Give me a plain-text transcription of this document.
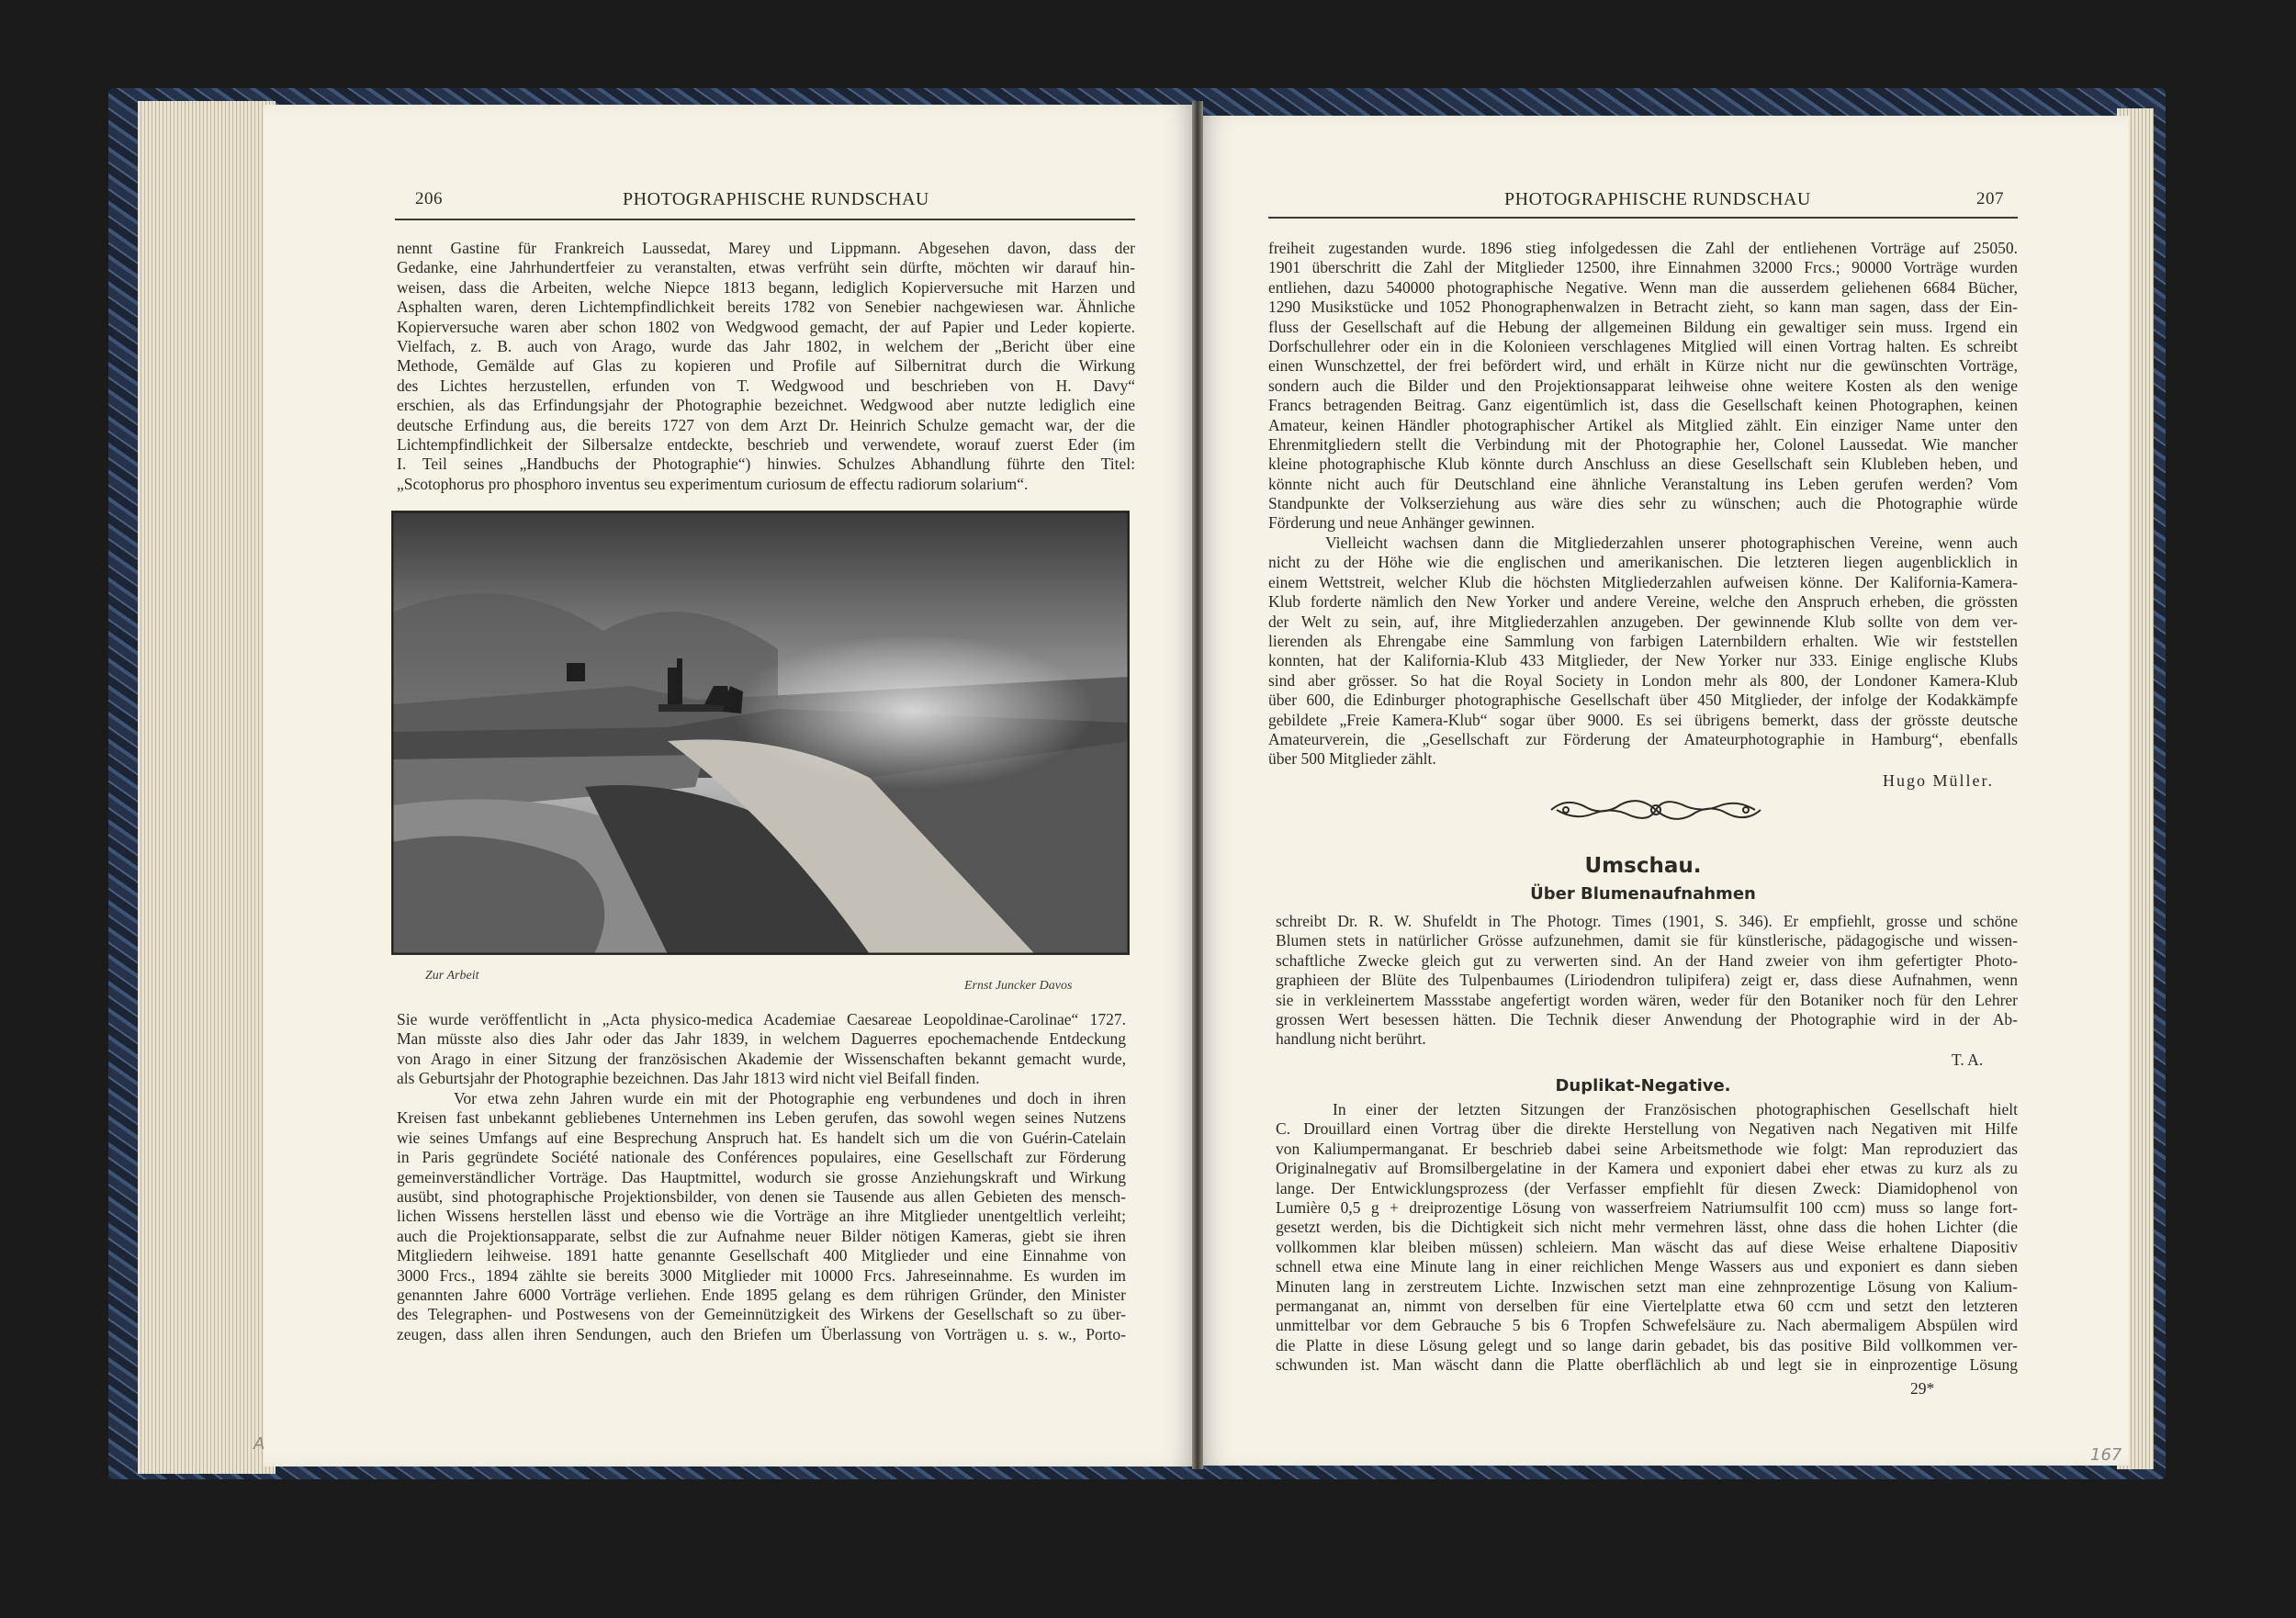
206	PHOTOGRAPHISCHE RUNDSCHAU
nennt Gastine für Frankreich Laussedat, Marey und Lippmann. Abgesehen davon, dass der
Gedanke, eine Jahrhundertfeier zu veranstalten, etwas verfrüht sein dürfte, möchten wir darauf hin-
weisen, dass die Arbeiten, welche Niepce 1813 begann, lediglich Kopierversuche mit Harzen und
Asphalten waren, deren Lichtempfindlichkeit bereits 1782 von Senebier nachgewiesen war. Ähnliche
Kopierversuche waren aber schon 1802 von Wedgwood gemacht, der auf Papier und Leder kopierte.
Vielfach, z. B. auch von Arago, wurde das Jahr 1802, in welchem der „Bericht über eine
Methode, Gemälde auf Glas zu kopieren und Profile auf Silbernitrat durch die Wirkung
des Lichtes herzustellen, erfunden von T. Wedgwood und beschrieben von H. Davy“
erschien, als das Erfindungsjahr der Photographie bezeichnet. Wedgwood aber nutzte lediglich eine
deutsche Erfindung aus, die bereits 1727 von dem Arzt Dr. Heinrich Schulze gemacht war, der die
Lichtempfindlichkeit der Silbersalze entdeckte, beschrieb und verwendete, worauf zuerst Eder (im
I. Teil seines „Handbuchs der Photographie“) hinwies. Schulzes Abhandlung führte den Titel:
„Scotophorus pro phosphoro inventus seu experimentum curiosum de effectu radiorum solarium“.
Zur Arbeit
Ernst Juncker Davos
Sie wurde veröffentlicht in „Acta physico-medica Academiae Caesareae Leopoldinae-Carolinae“ 1727.
Man müsste also dies Jahr oder das Jahr 1839, in welchem Daguerres epochemachende Entdeckung
von Arago in einer Sitzung der französischen Akademie der Wissenschaften bekannt gemacht wurde,
als Geburtsjahr der Photographie bezeichnen. Das Jahr 1813 wird nicht viel Beifall finden.
Vor etwa zehn Jahren wurde ein mit der Photographie eng verbundenes und doch in ihren
Kreisen fast unbekannt gebliebenes Unternehmen ins Leben gerufen, das sowohl wegen seines Nutzens
wie seines Umfangs auf eine Besprechung Anspruch hat. Es handelt sich um die von Guérin-Catelain
in Paris gegründete Société nationale des Conférences populaires, eine Gesellschaft zur Förderung
gemeinverständlicher Vorträge. Das Hauptmittel, wodurch sie grosse Anziehungskraft und Wirkung
ausübt, sind photographische Projektionsbilder, von denen sie Tausende aus allen Gebieten des mensch-
lichen Wissens herstellen lässt und ebenso wie die Vorträge an ihre Mitglieder unentgeltlich verleiht;
auch die Projektionsapparate, selbst die zur Aufnahme neuer Bilder nötigen Kameras, giebt sie ihren
Mitgliedern leihweise. 1891 hatte genannte Gesellschaft 400 Mitglieder und eine Einnahme von
3000 Frcs., 1894 zählte sie bereits 3000 Mitglieder mit 10000 Frcs. Jahreseinnahme. Es wurden im
genannten Jahre 6000 Vorträge verliehen. Ende 1895 gelang es dem rührigen Gründer, den Minister
des Telegraphen- und Postwesens von der Gemeinnützigkeit des Wirkens der Gesellschaft so zu über-
zeugen, dass allen ihren Sendungen, auch den Briefen um Überlassung von Vorträgen u. s. w., Porto-
A
PHOTOGRAPHISCHE RUNDSCHAU	207
freiheit zugestanden wurde. 1896 stieg infolgedessen die Zahl der entliehenen Vorträge auf 25050.
1901 überschritt die Zahl der Mitglieder 12500, ihre Einnahmen 32000 Frcs.; 90000 Vorträge wurden
entliehen, dazu 540000 photographische Negative. Wenn man die ausserdem geliehenen 6684 Bücher,
1290 Musikstücke und 1052 Phonographenwalzen in Betracht zieht, so kann man sagen, dass der Ein-
fluss der Gesellschaft auf die Hebung der allgemeinen Bildung ein gewaltiger sein muss. Irgend ein
Dorfschullehrer oder ein in die Kolonieen verschlagenes Mitglied will einen Vortrag halten. Es schreibt
einen Wunschzettel, der frei befördert wird, und erhält in Kürze nicht nur die gewünschten Vorträge,
sondern auch die Bilder und den Projektionsapparat leihweise ohne weitere Kosten als den wenige
Francs betragenden Beitrag. Ganz eigentümlich ist, dass die Gesellschaft keinen Photographen, keinen
Amateur, keinen Händler photographischer Artikel als Mitglied zählt. Ein einziger Name unter den
Ehrenmitgliedern stellt die Verbindung mit der Photographie her, Colonel Laussedat. Wie mancher
kleine photographische Klub könnte durch Anschluss an diese Gesellschaft sein Klubleben heben, und
könnte nicht auch für Deutschland eine ähnliche Veranstaltung ins Leben gerufen werden? Vom
Standpunkte der Volkserziehung aus wäre dies sehr zu wünschen; auch die Photographie würde
Förderung und neue Anhänger gewinnen.
Vielleicht wachsen dann die Mitgliederzahlen unserer photographischen Vereine, wenn auch
nicht zu der Höhe wie die englischen und amerikanischen. Die letzteren liegen augenblicklich in
einem Wettstreit, welcher Klub die höchsten Mitgliederzahlen aufweisen könne. Der Kalifornia-Kamera-
Klub forderte nämlich den New Yorker und andere Vereine, welche den Anspruch erheben, die grössten
der Welt zu sein, auf, ihre Mitgliederzahlen anzugeben. Der gewinnende Klub sollte von dem ver-
lierenden als Ehrengabe eine Sammlung von farbigen Laternbildern erhalten. Wie wir feststellen
konnten, hat der Kalifornia-Klub 433 Mitglieder, der New Yorker nur 333. Einige englische Klubs
sind aber grösser. So hat die Royal Society in London mehr als 800, der Londoner Kamera-Klub
über 600, die Edinburger photographische Gesellschaft über 450 Mitglieder, der infolge der Kodakkämpfe
gebildete „Freie Kamera-Klub“ sogar über 9000. Es sei übrigens bemerkt, dass der grösste deutsche
Amateurverein, die „Gesellschaft zur Förderung der Amateurphotographie in Hamburg“, ebenfalls
über 500 Mitglieder zählt.
Hugo Müller.
Umschau.
Über Blumenaufnahmen
schreibt Dr. R. W. Shufeldt in The Photogr. Times (1901, S. 346). Er empfiehlt, grosse und schöne
Blumen stets in natürlicher Grösse aufzunehmen, damit sie für künstlerische, pädagogische und wissen-
schaftliche Zwecke gleich gut zu verwerten sind. An der Hand zweier von ihm gefertigter Photo-
graphieen der Blüte des Tulpenbaumes (Liriodendron tulipifera) zeigt er, dass diese Aufnahmen, wenn
sie in verkleinertem Massstabe angefertigt worden wären, weder für den Botaniker noch für den Lehrer
grossen Wert besessen hätten. Die Technik dieser Anwendung der Photographie wird in der Ab-
handlung nicht berührt.
T. A.
Duplikat-Negative.
In einer der letzten Sitzungen der Französischen photographischen Gesellschaft hielt
C. Drouillard einen Vortrag über die direkte Herstellung von Negativen nach Negativen mit Hilfe
von Kaliumpermanganat. Er beschrieb dabei seine Arbeitsmethode wie folgt: Man reproduziert das
Originalnegativ auf Bromsilbergelatine in der Kamera und exponiert dabei eher etwas zu kurz als zu
lange. Der Entwicklungsprozess (der Verfasser empfiehlt für diesen Zweck: Diamidophenol von
Lumière 0,5 g + dreiprozentige Lösung von wasserfreiem Natriumsulfit 100 ccm) muss so lange fort-
gesetzt werden, bis die Dichtigkeit sich nicht mehr vermehren lässt, ohne dass die hohen Lichter (die
vollkommen klar bleiben müssen) schleiern. Man wäscht das auf diese Weise erhaltene Diapositiv
schnell etwa eine Minute lang in einer reichlichen Menge Wassers aus und exponiert es dann sieben
Minuten lang in zerstreutem Lichte. Inzwischen setzt man eine zehnprozentige Lösung von Kalium-
permanganat an, nimmt von derselben für eine Viertelplatte etwa 60 ccm und setzt den letzteren
unmittelbar vor dem Gebrauche 5 bis 6 Tropfen Schwefelsäure zu. Nach abermaligem Abspülen wird
die Platte in diese Lösung gelegt und so lange darin gebadet, bis das positive Bild vollkommen ver-
schwunden ist. Man wäscht dann die Platte oberflächlich ab und legt sie in einprozentige Lösung
29*
167
